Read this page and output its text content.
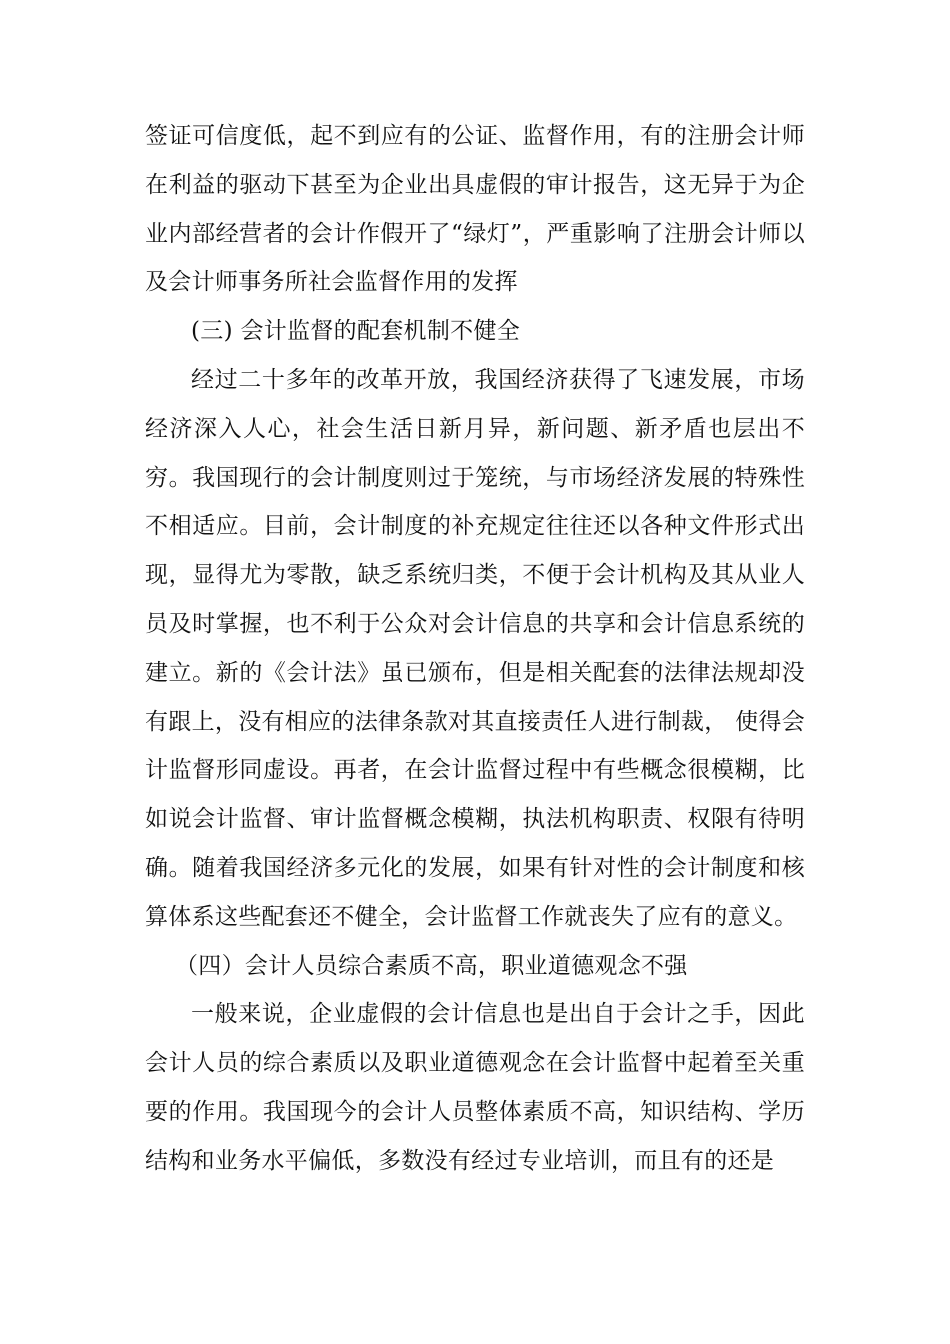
签证可信度低，起不到应有的公证、监督作用，有的注册会计师在利益的驱动下甚至为企业出具虚假的审计报告，这无异于为企业内部经营者的会计作假开了“绿灯”，严重影响了注册会计师以及会计师事务所社会监督作用的发挥

(三) 会计监督的配套机制不健全

经过二十多年的改革开放，我国经济获得了飞速发展，市场经济深入人心，社会生活日新月异，新问题、新矛盾也层出不穷。我国现行的会计制度则过于笼统，与市场经济发展的特殊性不相适应。目前，会计制度的补充规定往往还以各种文件形式出现，显得尤为零散，缺乏系统归类，不便于会计机构及其从业人员及时掌握，也不利于公众对会计信息的共享和会计信息系统的建立。新的《会计法》虽已颁布，但是相关配套的法律法规却没有跟上，没有相应的法律条款对其直接责任人进行制裁， 使得会计监督形同虚设。再者，在会计监督过程中有些概念很模糊，比如说会计监督、审计监督概念模糊，执法机构职责、权限有待明确。随着我国经济多元化的发展，如果有针对性的会计制度和核算体系这些配套还不健全，会计监督工作就丧失了应有的意义。

（四）会计人员综合素质不高，职业道德观念不强

一般来说，企业虚假的会计信息也是出自于会计之手，因此会计人员的综合素质以及职业道德观念在会计监督中起着至关重要的作用。我国现今的会计人员整体素质不高，知识结构、学历结构和业务水平偏低，多数没有经过专业培训，而且有的还是
